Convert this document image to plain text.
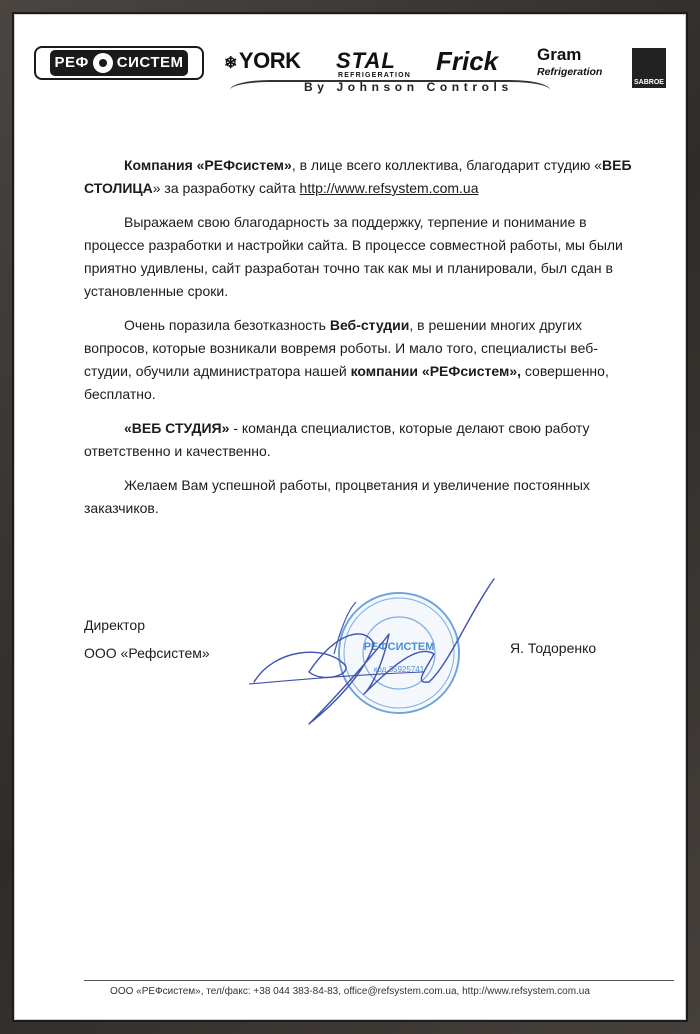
РЕФ СИСТЕМ	❄YORK STAL
REFRIGERATION Frick Gram
Refrigeration
SABROE
By Johnson Controls

Компания «РЕФсистем», в лице всего коллектива, благодарит студию «ВЕБ СТОЛИЦА» за разработку сайта http://www.refsystem.com.ua

Выражаем свою благодарность за поддержку, терпение и понимание в процессе разработки и настройки сайта. В процессе совместной работы, мы были приятно удивлены, сайт разработан точно так как мы и планировали, был сдан в установленные сроки.

Очень поразила безотказность Веб-студии, в решении многих других вопросов, которые возникали вовремя роботы. И мало того, специалисты веб-студии, обучили администратора нашей компании «РЕФсистем», совершенно, бесплатно.

«ВЕБ СТУДИЯ» - команда специалистов, которые делают свою работу ответственно и качественно.

Желаем Вам успешной работы, процветания и увеличение постоянных заказчиков.

Директор
ООО «Рефсистем»	РЕФСИСТЕМ
код 35925741
Я. Тодоренко
ООО «РЕФсистем», тел/факс: +38 044 383-84-83, office@refsystem.com.ua, http://www.refsystem.com.ua
